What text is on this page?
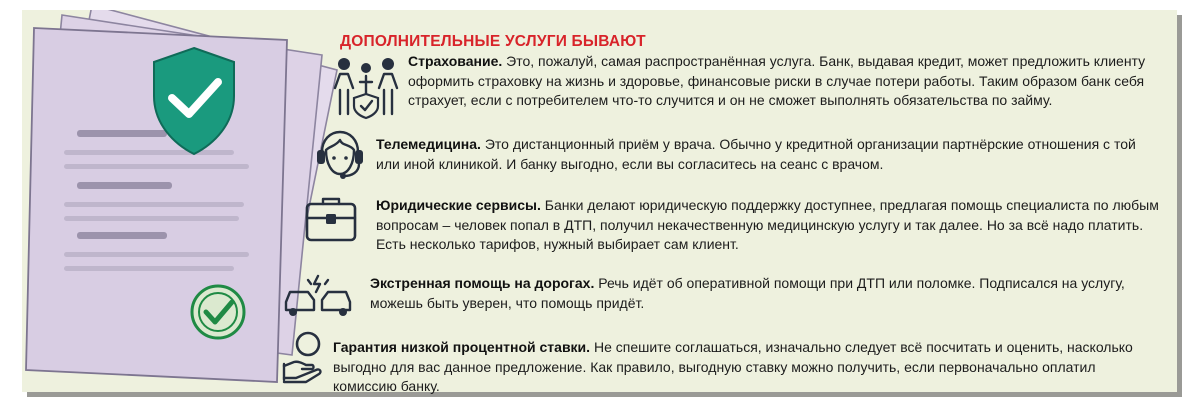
ДОПОЛНИТЕЛЬНЫЕ УСЛУГИ БЫВАЮТ
Страхование. Это, пожалуй, самая распространённая услуга. Банк, выдавая кредит, может предложить клиенту оформить страховку на жизнь и здоровье, финансовые риски в случае потери работы. Таким образом банк себя страхует, если с потребителем что-то случится и он не сможет выполнять обязательства по займу.
Телемедицина. Это дистанционный приём у врача. Обычно у кредитной организации партнёрские отношения с той или иной клиникой. И банку выгодно, если вы согласитесь на сеанс с врачом.
Юридические сервисы. Банки делают юридическую поддержку доступнее, предлагая помощь специалиста по любым вопросам – человек попал в ДТП, получил некачественную медицинскую услугу и так далее. Но за всё надо платить. Есть несколько тарифов, нужный выбирает сам клиент.
Экстренная помощь на дорогах. Речь идёт об оперативной помощи при ДТП или поломке. Подписался на услугу, можешь быть уверен, что помощь придёт.
Гарантия низкой процентной ставки. Не спешите соглашаться, изначально следует всё посчитать и оценить, насколько выгодно для вас данное предложение. Как правило, выгодную ставку можно получить, если первоначально оплатил комиссию банку.
